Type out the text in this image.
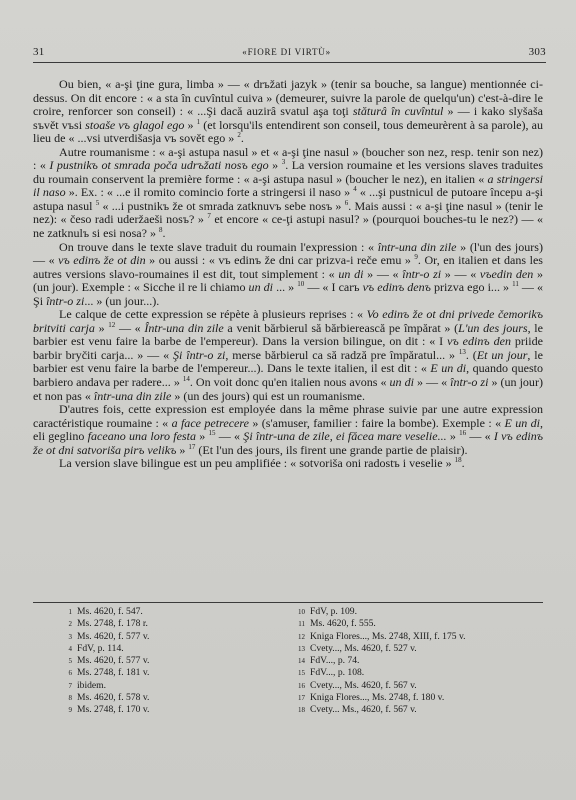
31	«FIORE DI VIRTÙ»	303

Ou bien, « a-şi ţine gura, limba » — « drъžati jazyk » (tenir sa bouche, sa langue) mentionnée ci-dessus. On dit encore : « a sta în cuvîntul cuiva » (demeurer, suivre la parole de quelqu'un) c'est-à-dire le croire, renforcer son conseil) : « ...Şi dacă auzirâ svatul aşa toţi stăturâ în cuvîntul » — i kako slyšaša sъvět vъsi stoaše vъ glagol ego » $^1$ (et lorsqu'ils entendirent son conseil, tous demeurèrent à sa parole), au lieu de « ...vsi utverdišasja vъ sovět ego » $^2$.

Autre roumanisme : « a-şi astupa nasul » et « a-şi ţine nasul » (boucher son nez, resp. tenir son nez) : « I pustnikъ ot smrada poča udrъžati nosъ ego » $^3$. La version roumaine et les versions slaves traduites du roumain conservent la première forme : « a-şi astupa nasul » (boucher le nez), en italien « a stringersi il naso ». Ex. : « ...e il romito comincio forte a stringersi il naso » $^4$ « ...şi pustnicul de putoare începu a-şi astupa nasul $^5$ « ...i pustnikъ že ot smrada zatknuvъ sebe nosъ » $^6$. Mais aussi : « a-şi ţine nasul » (tenir le nez): « česo radi udеržaešі nosъ? » $^7$ et encore « ce-ţi astupi nasul? » (pourquoi bouches-tu le nez?) — « ne zatknulъ si esi nosa? » $^8$.

On trouve dans le texte slave traduit du roumain l'expression : « într-una din zile » (l'un des jours) — « vъ edinъ že ot din » ou aussi : « vъ edinъ že dni car prizva-i reče emu » $^9$. Or, en italien et dans les autres versions slavo-roumaines il est dit, tout simplement : « un di » — « într-o zi » — « vъedin den » (un jour). Exemple : « Sicche il re li chiamo un di ... » $^{10}$ — « I carъ vъ edinъ denъ prizva ego i... » $^{11}$ — « Şi într-o zi... » (un jour...).

Le calque de cette expression se répète à plusieurs reprises : « Vo edinъ že ot dni privede čemorikъ britviti carja » $^{12}$ — « Într-una din zile a venit bărbierul să bărbierească pe împărat » (L'un des jours, le barbier est venu faire la barbe de l'empereur). Dans la version bilingue, on dit : « I vъ edinъ den priide barbir bryčiti carja... » — « Şi într-o zi, merse bărbierul ca să radză pre împăratul... » $^{13}$. (Et un jour, le barbier est venu faire la barbe de l'empereur...). Dans le texte italien, il est dit : « E un di, quando questo barbiero andava per radere... » $^{14}$. On voit donc qu'en italien nous avons « un di » — « într-o zi » (un jour) et non pas « într-una din zile » (un des jours) qui est un roumanisme.

D'autres fois, cette expression est employée dans la même phrase suivie par une autre expression caractéristique roumaine : « a face petrecere » (s'amuser, familier : faire la bombe). Exemple : « E un di, eli geglino faceano una loro festa » $^{15}$ — « Şi într-una de zile, ei făcea mare veselie... » $^{16}$ — « I vъ edinъ že ot dni satvoriša pirъ velikъ » $^{17}$ (Et l'un des jours, ils firent une grande partie de plaisir).

La version slave bilingue est un peu amplifiée : « sotvoriša oni radostъ i veselie » $^{18}$.

1 Ms. 4620, f. 547.
2 Ms. 2748, f. 178 r.
3 Ms. 4620, f. 577 v.
4 FdV, p. 114.
5 Ms. 4620, f. 577 v.
6 Ms. 2748, f. 181 v.
7 ibidem.
8 Ms. 4620, f. 578 v.
9 Ms. 2748, f. 170 v.
10 FdV, p. 109.
11 Ms. 4620, f. 555.
12 Kniga Flores..., Ms. 2748, XIII, f. 175 v.
13 Cvety..., Ms. 4620, f. 527 v.
14 FdV..., p. 74.
15 FdV..., p. 108.
16 Cvety..., Ms. 4620, f. 567 v.
17 Kniga Flores..., Ms. 2748, f. 180 v.
18 Cvety... Ms., 4620, f. 567 v.
